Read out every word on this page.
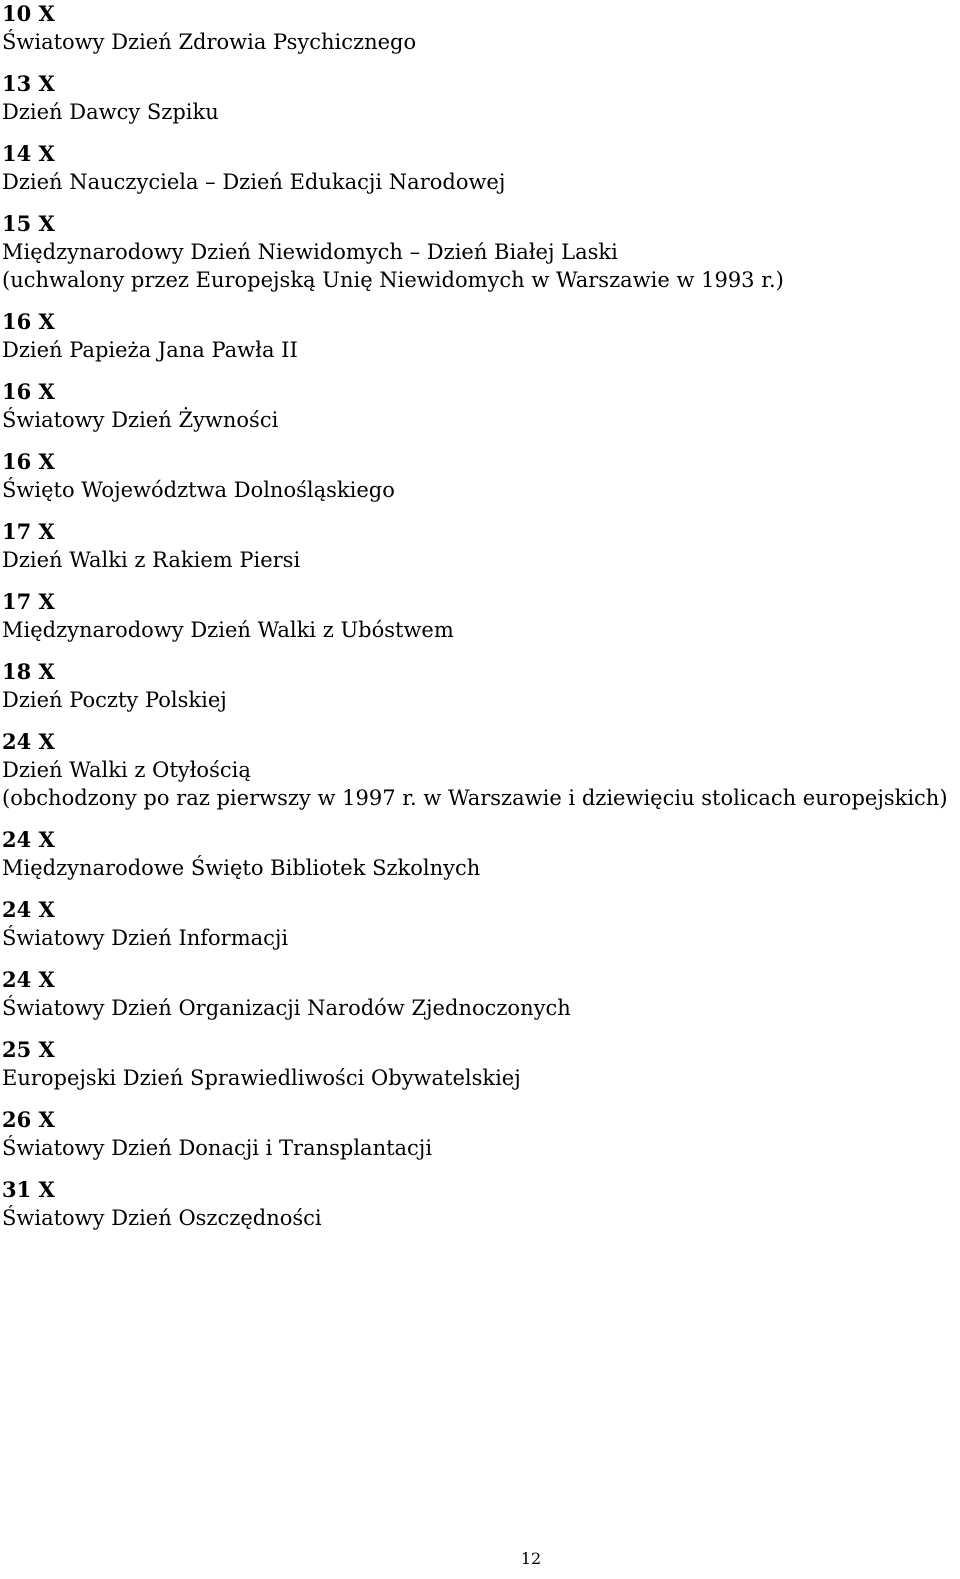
10 X
Światowy Dzień Zdrowia Psychicznego
13 X
Dzień Dawcy Szpiku
14 X
Dzień Nauczyciela – Dzień Edukacji Narodowej
15 X
Międzynarodowy Dzień Niewidomych – Dzień Białej Laski
(uchwalony przez Europejską Unię Niewidomych w Warszawie w 1993 r.)
16 X
Dzień Papieża Jana Pawła II
16 X
Światowy Dzień Żywności
16 X
Święto Województwa Dolnośląskiego
17 X
Dzień Walki z Rakiem Piersi
17 X
Międzynarodowy Dzień Walki z Ubóstwem
18 X
Dzień Poczty Polskiej
24 X
Dzień Walki z Otyłością
(obchodzony po raz pierwszy w 1997 r. w Warszawie i dziewięciu stolicach europejskich)
24 X
Międzynarodowe Święto Bibliotek Szkolnych
24 X
Światowy Dzień Informacji
24 X
Światowy Dzień Organizacji Narodów Zjednoczonych
25 X
Europejski Dzień Sprawiedliwości Obywatelskiej
26 X
Światowy Dzień Donacji i Transplantacji
31 X
Światowy Dzień Oszczędności
12
